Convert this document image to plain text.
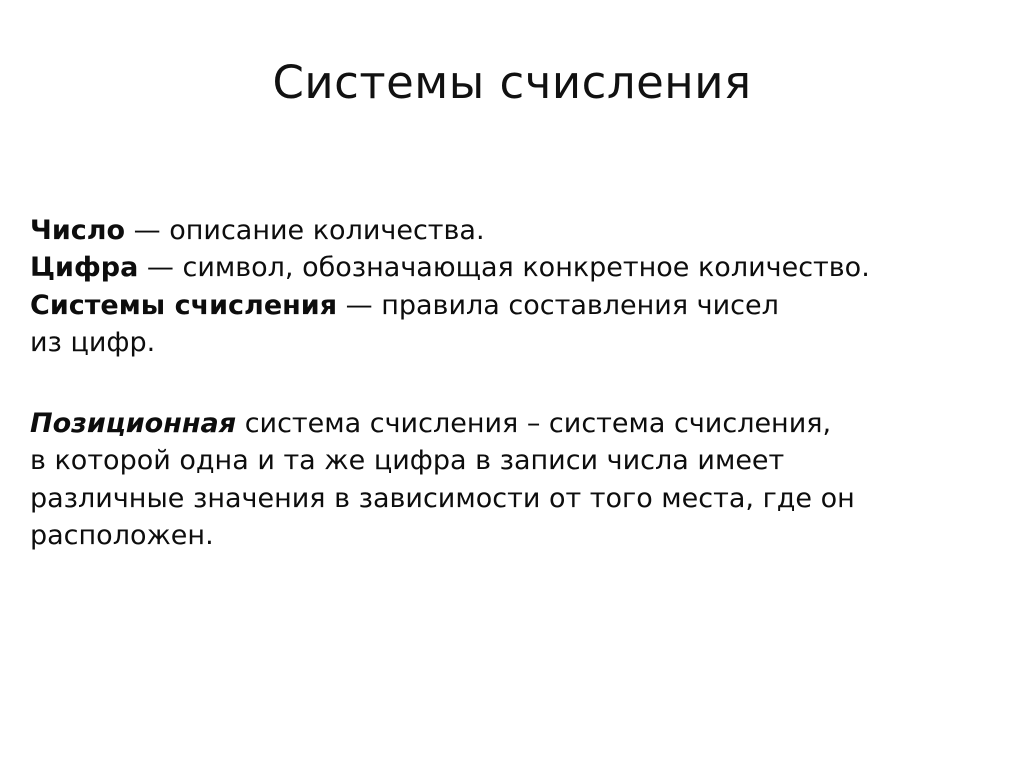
Системы счисления
Число — описание количества.
Цифра — символ, обозначающая конкретное количество.
Системы счисления — правила составления чисел
из цифр.
Позиционная система счисления – система счисления,
в которой одна и та же цифра в записи числа имеет
различные значения в зависимости от того места, где он
расположен.
